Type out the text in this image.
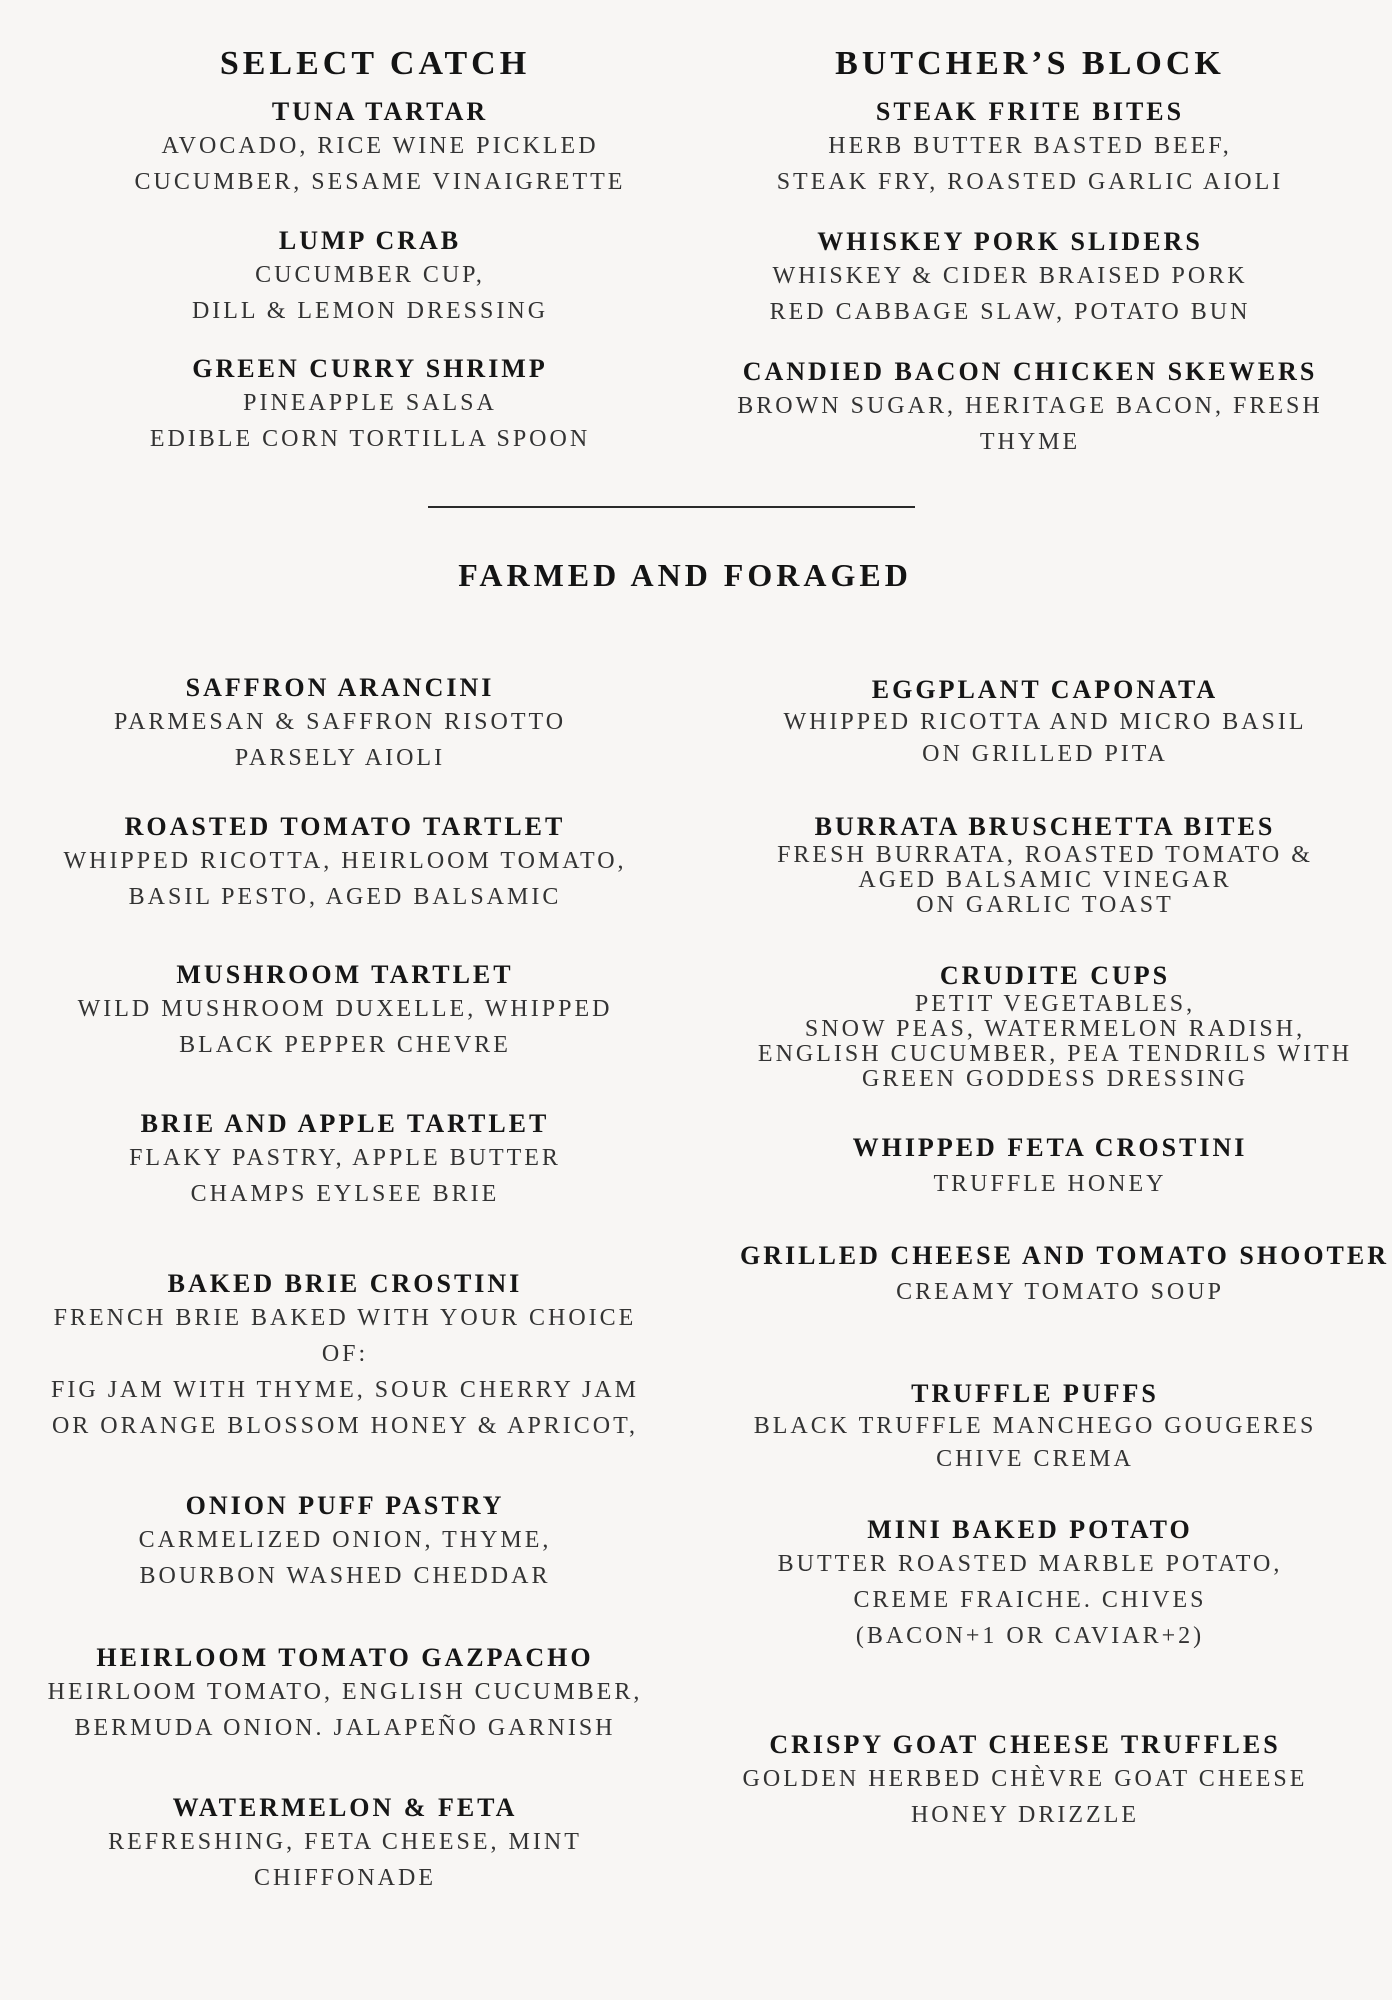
SELECT CATCH	BUTCHER’S BLOCK
TUNA TARTAR
AVOCADO, RICE WINE PICKLED
CUCUMBER, SESAME VINAIGRETTE
LUMP CRAB
CUCUMBER CUP,
DILL & LEMON DRESSING
GREEN CURRY SHRIMP
PINEAPPLE SALSA
EDIBLE CORN TORTILLA SPOON
STEAK FRITE BITES
HERB BUTTER BASTED BEEF,
STEAK FRY, ROASTED GARLIC AIOLI
WHISKEY PORK SLIDERS
WHISKEY & CIDER BRAISED PORK
RED CABBAGE SLAW, POTATO BUN
CANDIED BACON CHICKEN SKEWERS
BROWN SUGAR, HERITAGE BACON, FRESH
THYME
FARMED AND FORAGED
SAFFRON ARANCINI
PARMESAN & SAFFRON RISOTTO
PARSELY AIOLI
ROASTED TOMATO TARTLET
WHIPPED RICOTTA, HEIRLOOM TOMATO,
BASIL PESTO, AGED BALSAMIC
MUSHROOM TARTLET
WILD MUSHROOM DUXELLE, WHIPPED
BLACK PEPPER CHEVRE
BRIE AND APPLE TARTLET
FLAKY PASTRY, APPLE BUTTER
CHAMPS EYLSEE BRIE
BAKED BRIE CROSTINI
FRENCH BRIE BAKED WITH YOUR CHOICE
OF:
FIG JAM WITH THYME, SOUR CHERRY JAM
OR ORANGE BLOSSOM HONEY & APRICOT,
ONION PUFF PASTRY
CARMELIZED ONION, THYME,
BOURBON WASHED CHEDDAR
HEIRLOOM TOMATO GAZPACHO
HEIRLOOM TOMATO, ENGLISH CUCUMBER,
BERMUDA ONION. JALAPEÑO GARNISH
WATERMELON & FETA
REFRESHING, FETA CHEESE, MINT
CHIFFONADE
EGGPLANT CAPONATA
WHIPPED RICOTTA AND MICRO BASIL
ON GRILLED PITA
BURRATA BRUSCHETTA BITES
FRESH BURRATA, ROASTED TOMATO &
AGED BALSAMIC VINEGAR
ON GARLIC TOAST
CRUDITE CUPS
PETIT VEGETABLES,
SNOW PEAS, WATERMELON RADISH,
ENGLISH CUCUMBER, PEA TENDRILS WITH
GREEN GODDESS DRESSING
WHIPPED FETA CROSTINI
TRUFFLE HONEY
GRILLED CHEESE AND TOMATO SHOOTER
CREAMY TOMATO SOUP
TRUFFLE PUFFS
BLACK TRUFFLE MANCHEGO GOUGERES
CHIVE CREMA
MINI BAKED POTATO
BUTTER ROASTED MARBLE POTATO,
CREME FRAICHE. CHIVES
(BACON+1 OR CAVIAR+2)
CRISPY GOAT CHEESE TRUFFLES
GOLDEN HERBED CHÈVRE GOAT CHEESE
HONEY DRIZZLE
